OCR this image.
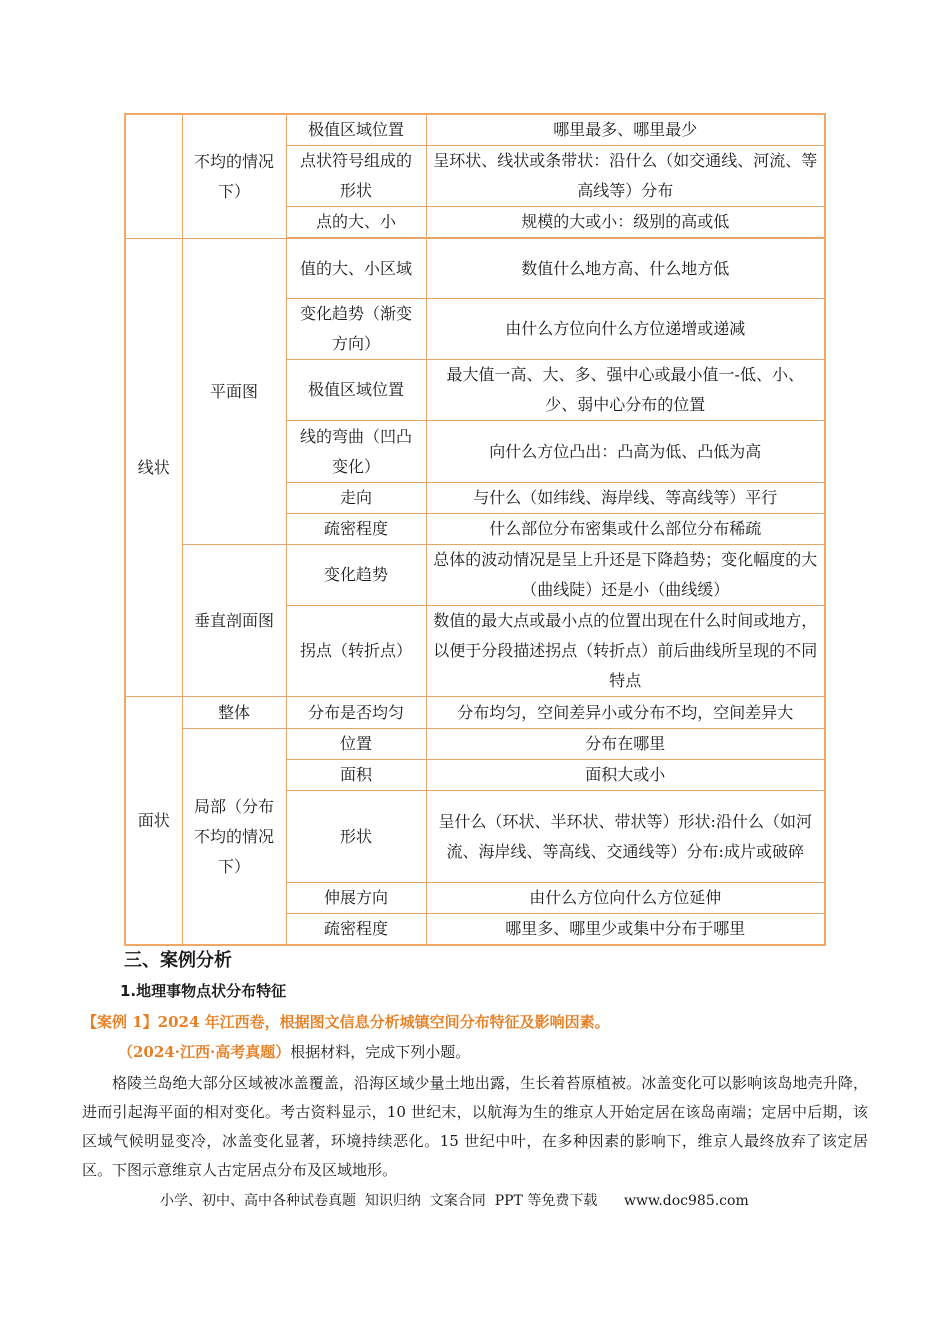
	不均的情况下）	极值区域位置	哪里最多、哪里最少
		点状符号组成的形状	呈环状、线状或条带状：沿什么（如交通线、河流、等高线等）分布
		点的大、小	规模的大或小：级别的高或低

线状	平面图	值的大、小区域	数值什么地方高、什么地方低
		变化趋势（渐变方向）	由什么方位向什么方位递增或递减
		极值区域位置	最大值一高、大、多、强中心或最小值一-低、小、少、弱中心分布的位置
		线的弯曲（凹凸变化）	向什么方位凸出：凸高为低、凸低为高
		走向	与什么（如纬线、海岸线、等高线等）平行
		疏密程度	什么部位分布密集或什么部位分布稀疏
	垂直剖面图	变化趋势	总体的波动情况是呈上升还是下降趋势；变化幅度的大（曲线陡）还是小（曲线缓）
		拐点（转折点）	数值的最大点或最小点的位置出现在什么时间或地方，以便于分段描述拐点（转折点）前后曲线所呈现的不同特点
面状	整体	分布是否均匀	分布均匀，空间差异小或分布不均，空间差异大
	局部（分布不均的情况下）	位置	分布在哪里
		面积	面积大或小
		形状	呈什么（环状、半环状、带状等）形状:沿什么（如河流、海岸线、等高线、交通线等）分布:成片或破碎
		伸展方向	由什么方位向什么方位延伸
		疏密程度	哪里多、哪里少或集中分布于哪里
三、案例分析
1.地理事物点状分布特征
【案例 1】2024 年江西卷，根据图文信息分析城镇空间分布特征及影响因素。
（2024·江西·高考真题）根据材料，完成下列小题。

格陵兰岛绝大部分区域被冰盖覆盖，沿海区域少量土地出露，生长着苔原植被。冰盖变化可以影响该岛地壳升降，进而引起海平面的相对变化。考古资料显示，10 世纪末，以航海为生的维京人开始定居在该岛南端；定居中后期，该区域气候明显变冷，冰盖变化显著，环境持续恶化。15 世纪中叶，在多种因素的影响下，维京人最终放弃了该定居区。下图示意维京人古定居点分布及区域地形。

小学、初中、高中各种试卷真题  知识归纳  文案合同  PPT 等免费下载      www.doc985.com
